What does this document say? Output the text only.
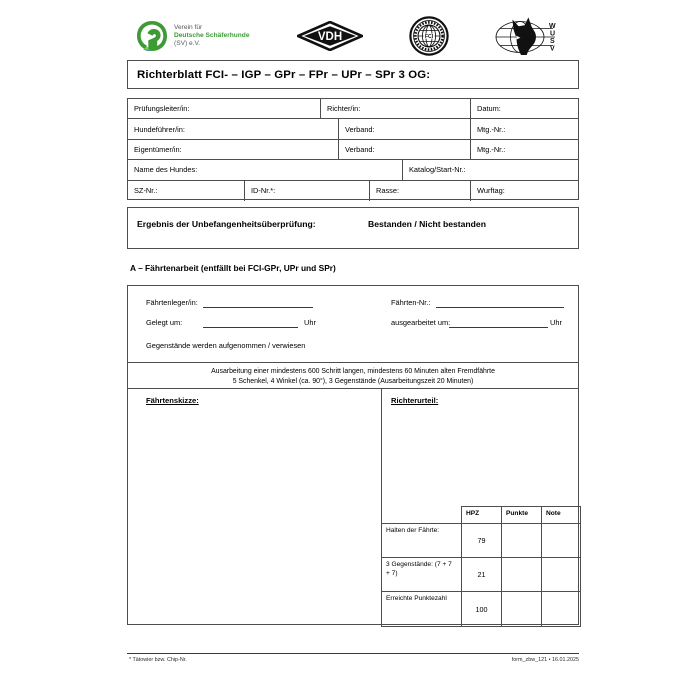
Verein für
Deutsche Schäferhunde
(SV) e.V.
VDH	FCI
W
U
S
V
Richterblatt FCI- – IGP – GPr – FPr – UPr – SPr 3 OG:
Prüfungsleiter/in:	Richter/in:	Datum:
Hundeführer/in:	Verband:	Mtg.-Nr.:
Eigentümer/in:	Verband:	Mtg.-Nr.:
Name des Hundes:	Katalog/Start-Nr.:
SZ-Nr.:	ID-Nr.*:	Rasse:	Wurftag:
Ergebnis der Unbefangenheitsüberprüfung:	Bestanden / Nicht bestanden
A – Fährtenarbeit (entfällt bei FCI-GPr, UPr und SPr)
Fährtenleger/in:	Fährten-Nr.:
Gelegt um:	Uhr	ausgearbeitet um:	Uhr
Gegenstände werden aufgenommen / verwiesen
Ausarbeitung einer mindestens 600 Schritt langen, mindestens 60 Minuten alten Fremdfährte
5 Schenkel, 4 Winkel (ca. 90°), 3 Gegenstände (Ausarbeitungszeit 20 Minuten)
Fährtenskizze:	Richterurteil:
	HPZ	Punkte	Note
Halten der Fährte:	79		
3 Gegenstände: (7 + 7 + 7)	21		
Erreichte Punktezahl	100		
* Tätowier bzw. Chip-Nr.	form_zbw_121 • 16.01.2025
